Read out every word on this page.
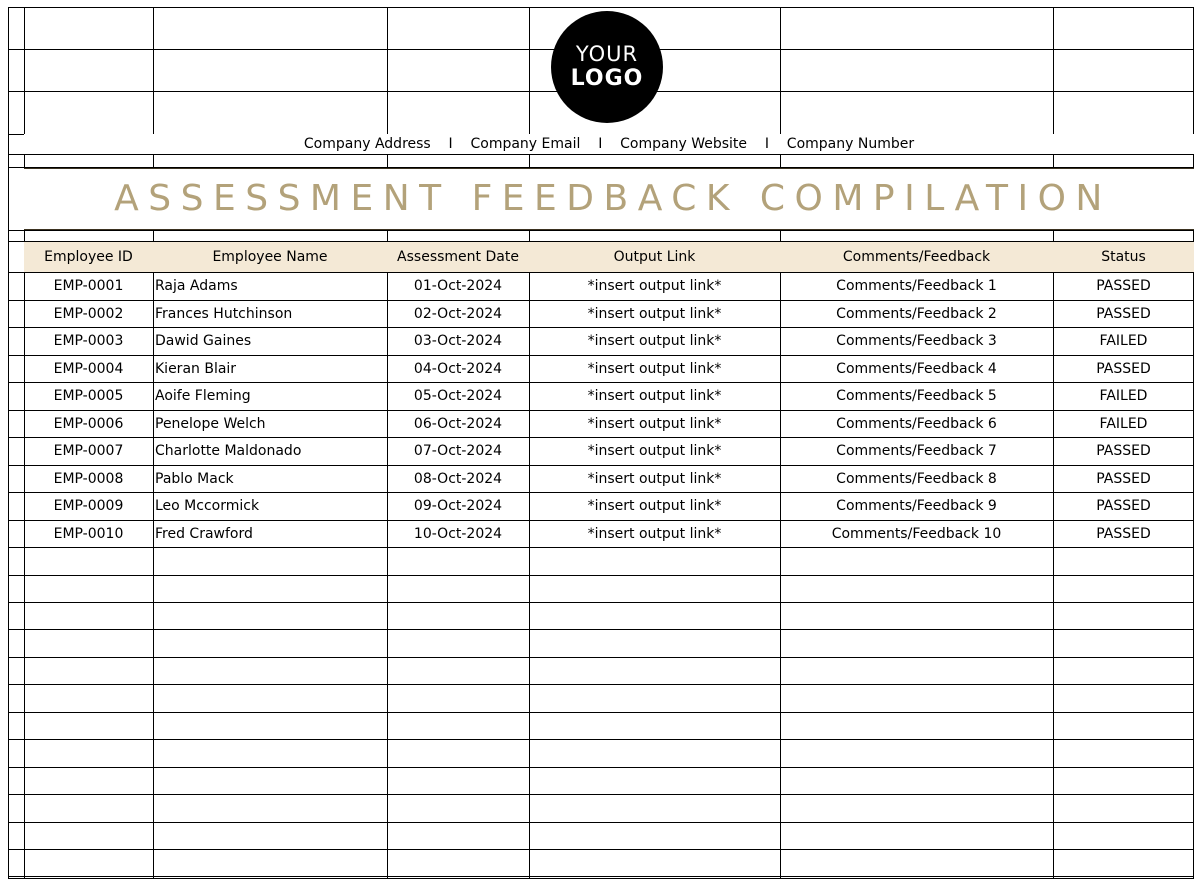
YOUR
LOGO
Company Address I Company Email I Company Website I Company Number
ASSESSMENT FEEDBACK COMPILATION
Employee ID	Employee Name	Assessment Date	Output Link	Comments/Feedback	Status
EMP-0001	Raja Adams	01-Oct-2024	*insert output link*	Comments/Feedback 1	PASSED
EMP-0002	Frances Hutchinson	02-Oct-2024	*insert output link*	Comments/Feedback 2	PASSED
EMP-0003	Dawid Gaines	03-Oct-2024	*insert output link*	Comments/Feedback 3	FAILED
EMP-0004	Kieran Blair	04-Oct-2024	*insert output link*	Comments/Feedback 4	PASSED
EMP-0005	Aoife Fleming	05-Oct-2024	*insert output link*	Comments/Feedback 5	FAILED
EMP-0006	Penelope Welch	06-Oct-2024	*insert output link*	Comments/Feedback 6	FAILED
EMP-0007	Charlotte Maldonado	07-Oct-2024	*insert output link*	Comments/Feedback 7	PASSED
EMP-0008	Pablo Mack	08-Oct-2024	*insert output link*	Comments/Feedback 8	PASSED
EMP-0009	Leo Mccormick	09-Oct-2024	*insert output link*	Comments/Feedback 9	PASSED
EMP-0010	Fred Crawford	10-Oct-2024	*insert output link*	Comments/Feedback 10	PASSED
